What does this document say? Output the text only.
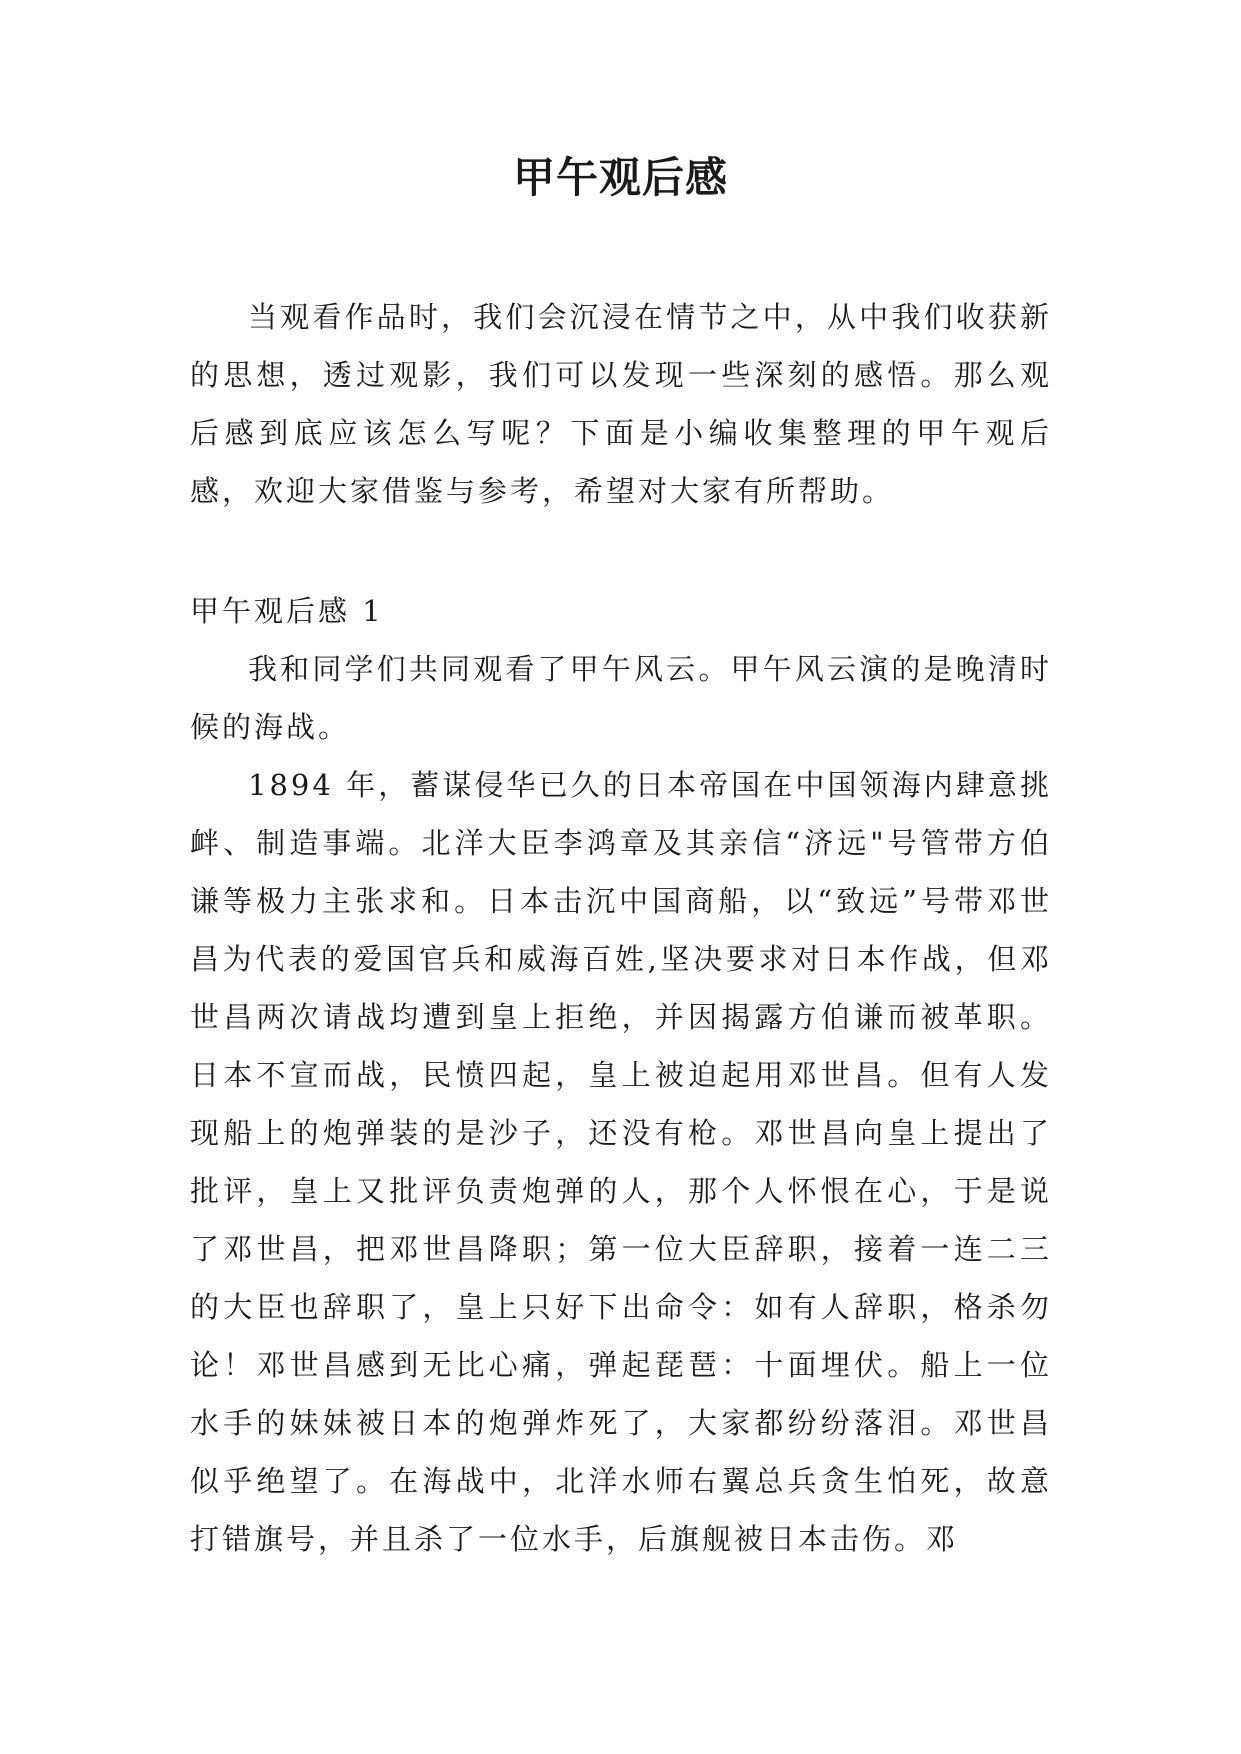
甲午观后感

当观看作品时，我们会沉浸在情节之中，从中我们收获新的思想，透过观影，我们可以发现一些深刻的感悟。那么观后感到底应该怎么写呢？下面是小编收集整理的甲午观后感，欢迎大家借鉴与参考，希望对大家有所帮助。

甲午观后感 1

我和同学们共同观看了甲午风云。甲午风云演的是晚清时候的海战。

1894 年，蓄谋侵华已久的日本帝国在中国领海内肆意挑衅、制造事端。北洋大臣李鸿章及其亲信“济远"号管带方伯谦等极力主张求和。日本击沉中国商船，以“致远”号带邓世昌为代表的爱国官兵和威海百姓,坚决要求对日本作战，但邓世昌两次请战均遭到皇上拒绝，并因揭露方伯谦而被革职。日本不宣而战，民愤四起，皇上被迫起用邓世昌。但有人发现船上的炮弹装的是沙子，还没有枪。邓世昌向皇上提出了批评，皇上又批评负责炮弹的人，那个人怀恨在心，于是说了邓世昌，把邓世昌降职；第一位大臣辞职，接着一连二三的大臣也辞职了，皇上只好下出命令：如有人辞职，格杀勿论！邓世昌感到无比心痛，弹起琵琶：十面埋伏。船上一位水手的妹妹被日本的炮弹炸死了，大家都纷纷落泪。邓世昌似乎绝望了。在海战中，北洋水师右翼总兵贪生怕死，故意打错旗号，并且杀了一位水手，后旗舰被日本击伤。邓
